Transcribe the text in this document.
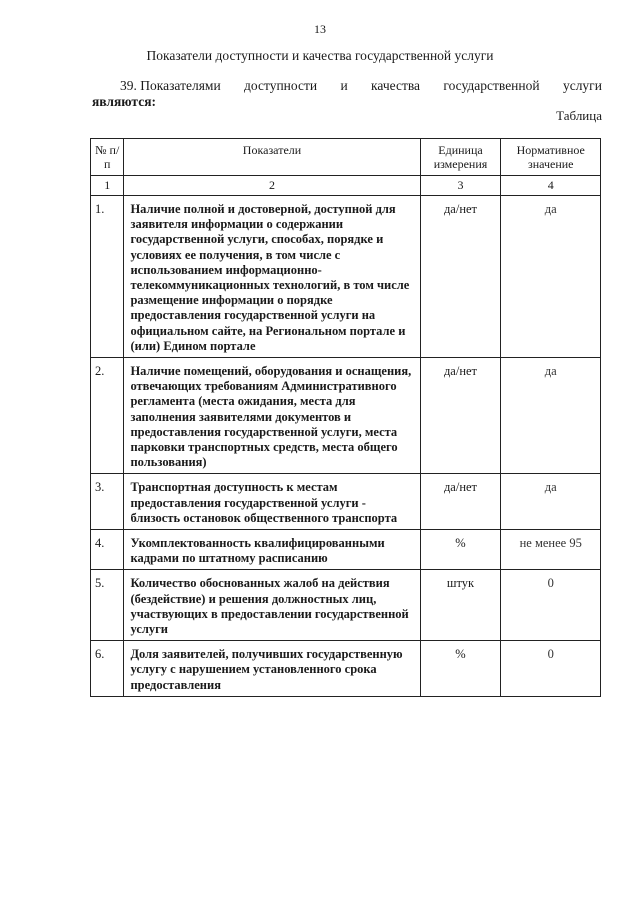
13
Показатели доступности и качества государственной услуги
39. Показателями доступности и качества государственной услуги
являются:
Таблица
№ п/п	Показатели	Единица измерения	Нормативное значение
1	2	3	4
1.	Наличие полной и достоверной, доступной для заявителя информации о содержании государственной услуги, способах, порядке и условиях ее получения, в том числе с использованием информационно-телекоммуникационных технологий, в том числе размещение информации о порядке предоставления государственной услуги на официальном сайте, на Региональном портале и (или) Едином портале	да/нет	да
2.	Наличие помещений, оборудования и оснащения, отвечающих требованиям Административного регламента (места ожидания, места для заполнения заявителями документов и предоставления государственной услуги, места парковки транспортных средств, места общего пользования)	да/нет	да
3.	Транспортная доступность к местам предоставления государственной услуги - близость остановок общественного транспорта	да/нет	да
4.	Укомплектованность квалифицированными кадрами по штатному расписанию	%	не менее 95
5.	Количество обоснованных жалоб на действия (бездействие) и решения должностных лиц, участвующих в предоставлении государственной услуги	штук	0
6.	Доля заявителей, получивших государственную услугу с нарушением установленного срока предоставления	%	0
